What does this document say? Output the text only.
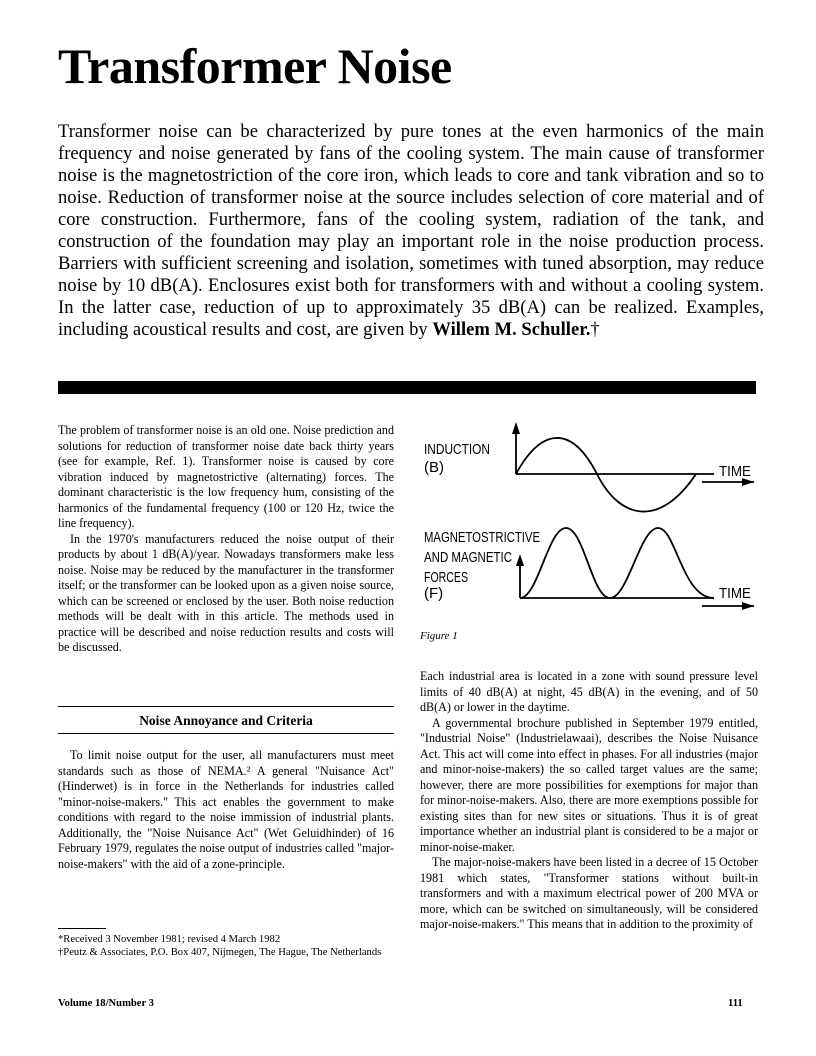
Transformer Noise

Transformer noise can be characterized by pure tones at the even harmonics of the main frequency and noise generated by fans of the cooling system. The main cause of transformer noise is the magnetostriction of the core iron, which leads to core and tank vibration and so to noise. Reduction of transformer noise at the source includes selection of core material and of core construction. Furthermore, fans of the cooling system, radiation of the tank, and construction of the foundation may play an important role in the noise production process. Barriers with sufficient screening and isolation, sometimes with tuned absorption, may reduce noise by 10 dB(A). Enclosures exist both for transformers with and without a cooling system. In the latter case, reduction of up to approximately 35 dB(A) can be realized. Examples, including acoustical results and cost, are given by Willem M. Schuller.†

The problem of transformer noise is an old one. Noise prediction and solutions for reduction of transformer noise date back thirty years (see for example, Ref. 1). Transformer noise is caused by core vibration induced by magnetostrictive (alternating) forces. The dominant characteristic is the low frequency hum, consisting of the harmonics of the fundamental frequency (100 or 120 Hz, twice the line frequency).

In the 1970's manufacturers reduced the noise output of their products by about 1 dB(A)/year. Nowadays transformers make less noise. Noise may be reduced by the manufacturer in the transformer itself; or the transformer can be looked upon as a given noise source, which can be screened or enclosed by the user. Both noise reduction methods will be dealt with in this article. The methods used in practice will be described and noise reduction results and costs will be discussed.

Noise Annoyance and Criteria

To limit noise output for the user, all manufacturers must meet standards such as those of NEMA.² A general "Nuisance Act" (Hinderwet) is in force in the Netherlands for industries called "minor-noise-makers." This act enables the government to make conditions with regard to the noise immission of industrial plants. Additionally, the "Noise Nuisance Act" (Wet Geluidhinder) of 16 February 1979, regulates the noise output of industries called "major-noise-makers" with the aid of a zone-principle.

*Received 3 November 1981; revised 4 March 1982

†Peutz & Associates, P.O. Box 407, Nijmegen, The Hague, The Netherlands

INDUCTION
(B)	TIME
MAGNETOSTRICTIVE
AND MAGNETIC
FORCES
(F)	TIME
Figure 1

Each industrial area is located in a zone with sound pressure level limits of 40 dB(A) at night, 45 dB(A) in the evening, and of 50 dB(A) or lower in the daytime.

A governmental brochure published in September 1979 entitled, "Industrial Noise" (Industrielawaai), describes the Noise Nuisance Act. This act will come into effect in phases. For all industries (major and minor-noise-makers) the so called target values are the same; however, there are more possibilities for exemptions for major than for minor-noise-makers. Also, there are more exemptions possible for existing sites than for new sites or situations. Thus it is of great importance whether an industrial plant is considered to be a major or minor-noise-maker.

The major-noise-makers have been listed in a decree of 15 October 1981 which states, "Transformer stations without built-in transformers and with a maximum electrical power of 200 MVA or more, which can be switched on simultaneously, will be considered major-noise-makers." This means that in addition to the proximity of

Volume 18/Number 3	111
